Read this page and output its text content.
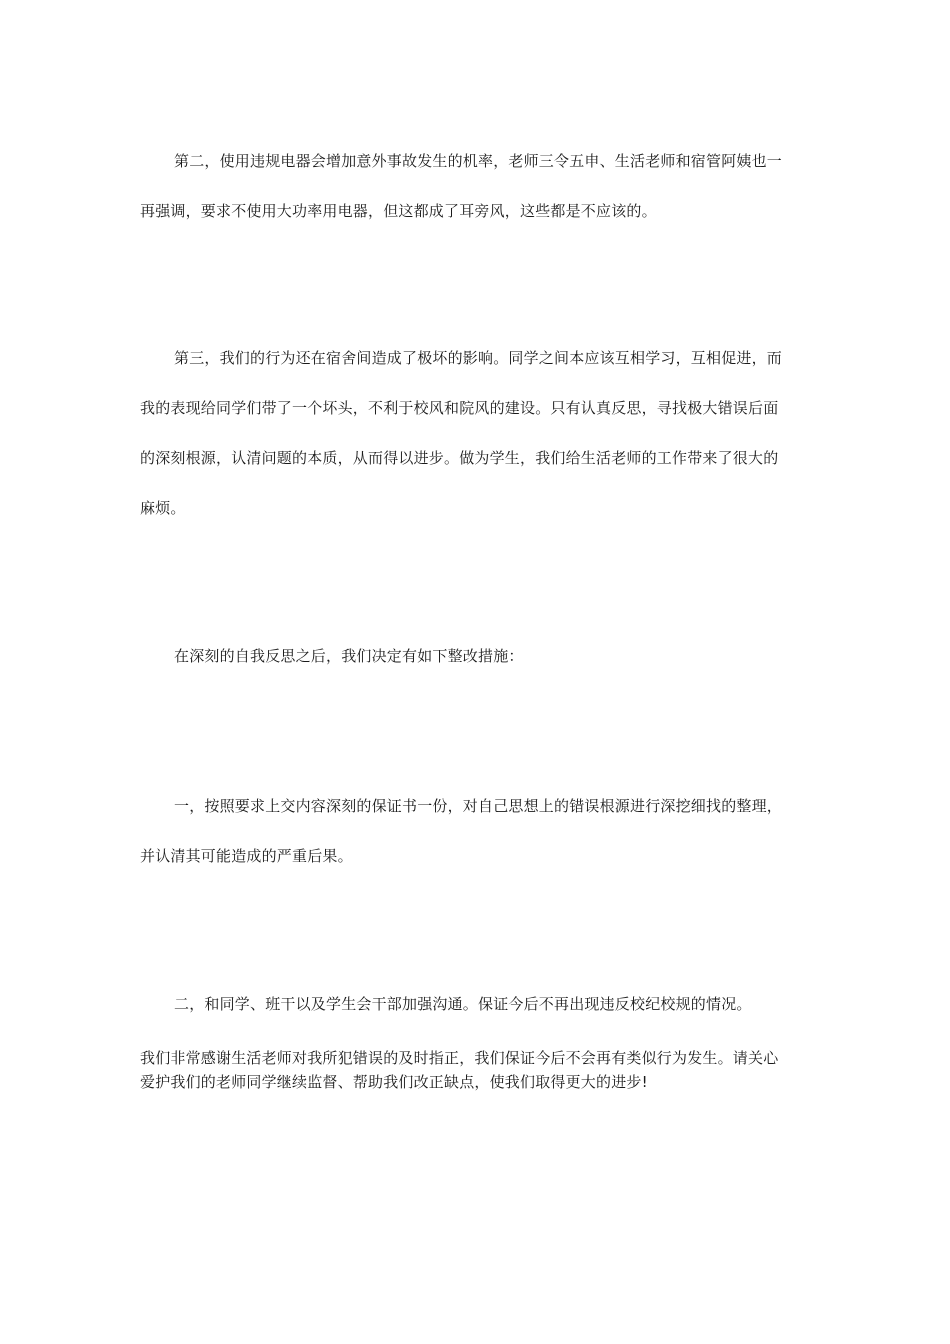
第二，使用违规电器会增加意外事故发生的机率，老师三令五申、生活老师和宿管阿姨也一
再强调，要求不使用大功率用电器，但这都成了耳旁风，这些都是不应该的。
第三，我们的行为还在宿舍间造成了极坏的影响。同学之间本应该互相学习，互相促进，而
我的表现给同学们带了一个坏头，不利于校风和院风的建设。只有认真反思，寻找极大错误后面
的深刻根源，认清问题的本质，从而得以进步。做为学生，我们给生活老师的工作带来了很大的
麻烦。
在深刻的自我反思之后，我们决定有如下整改措施：
一，按照要求上交内容深刻的保证书一份，对自己思想上的错误根源进行深挖细找的整理，
并认清其可能造成的严重后果。
二，和同学、班干以及学生会干部加强沟通。保证今后不再出现违反校纪校规的情况。
我们非常感谢生活老师对我所犯错误的及时指正，我们保证今后不会再有类似行为发生。请关心
爱护我们的老师同学继续监督、帮助我们改正缺点，使我们取得更大的进步!
